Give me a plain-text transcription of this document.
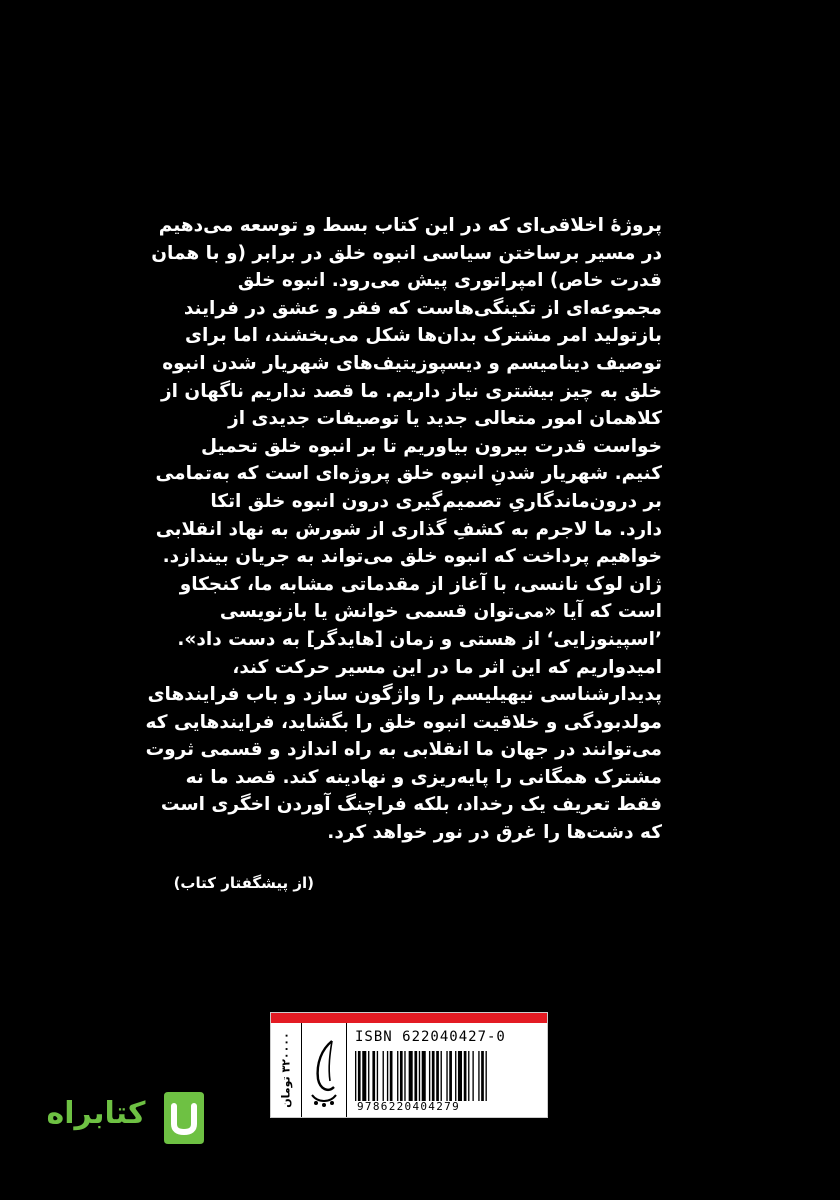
پروژۀ اخلاقی‌ای که در این کتاب بسط و توسعه می‌دهیم
در مسیر برساختن سیاسی انبوه خلق در برابر (و با همان
قدرت خاص) امپراتوری پیش می‌رود. انبوه خلق
مجموعه‌ای از تکینگی‌هاست که فقر و عشق در فرایند
بازتولید امر مشترک بدان‌ها شکل می‌بخشند، اما برای
توصیف دینامیسم و دیسپوزیتیف‌های شهریار شدن انبوه
خلق به چیز بیشتری نیاز داریم. ما قصد نداریم ناگهان از
کلاهمان امور متعالی جدید یا توصیفات جدیدی از
خواست قدرت بیرون بیاوریم تا بر انبوه خلق تحمیل
کنیم. شهریار شدنِ انبوه خلق پروژه‌ای است که به‌تمامی
بر درون‌ماندگاریِ تصمیم‌گیری درون انبوه خلق اتکا
دارد. ما لاجرم به کشفِ گذاری از شورش به نهاد انقلابی
خواهیم پرداخت که انبوه خلق می‌تواند به جریان بیندازد.
ژان لوک نانسی، با آغاز از مقدماتی مشابه ما، کنجکاو
است که آیا «می‌توان قسمی خوانش یا بازنویسی
’اسپینوزایی‘ از هستی و زمان [هایدگر] به دست داد».
امیدواریم که این اثر ما در این مسیر حرکت کند،
پدیدارشناسی نیهیلیسم را واژگون سازد و باب فرایندهای
مولدبودگی و خلاقیت انبوه خلق را بگشاید، فرایندهایی که
می‌توانند در جهان ما انقلابی به راه اندازد و قسمی ثروت
مشترک همگانی را پایه‌ریزی و نهادینه کند. قصد ما نه
فقط تعریف یک رخداد، بلکه فراچنگ آوردن اخگری است
که دشت‌ها را غرق در نور خواهد کرد.
(از پیشگفتار کتاب)
۳۲۰۰۰۰ تومان	ISBN 622040427-0
9786220404279
کتابراه
